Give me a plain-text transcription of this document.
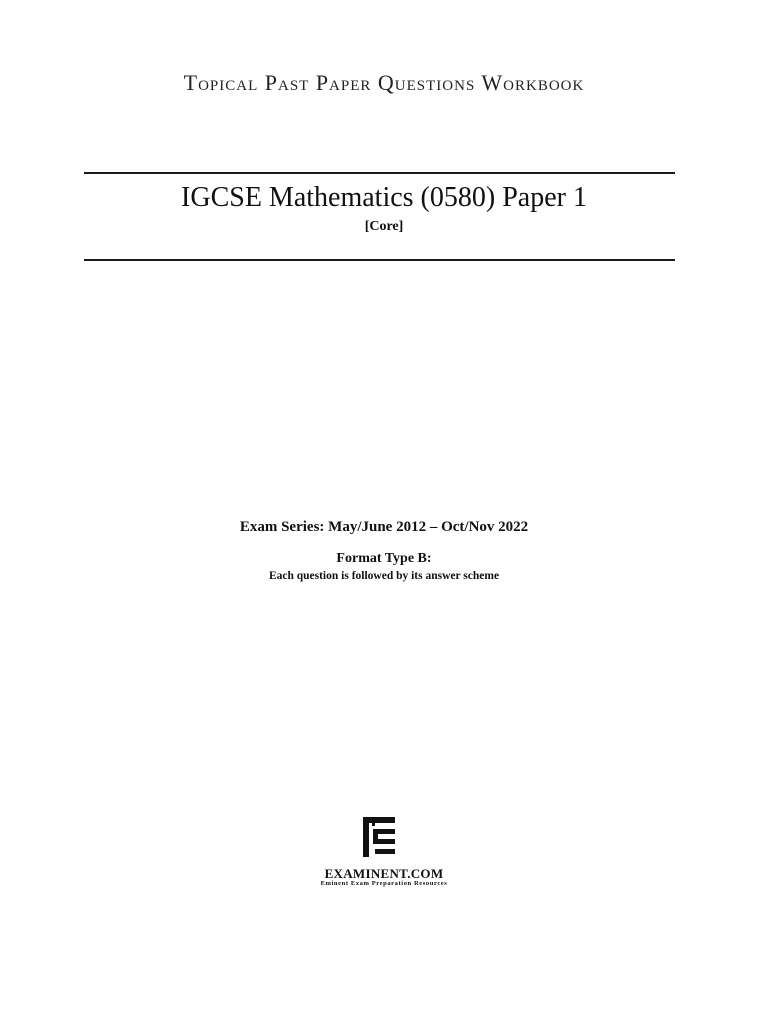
Topical Past Paper Questions Workbook
IGCSE Mathematics (0580) Paper 1
[Core]
Exam Series: May/June 2012 – Oct/Nov 2022
Format Type B:
Each question is followed by its answer scheme
EXAMINENT.COM
Eminent Exam Preparation Resources
